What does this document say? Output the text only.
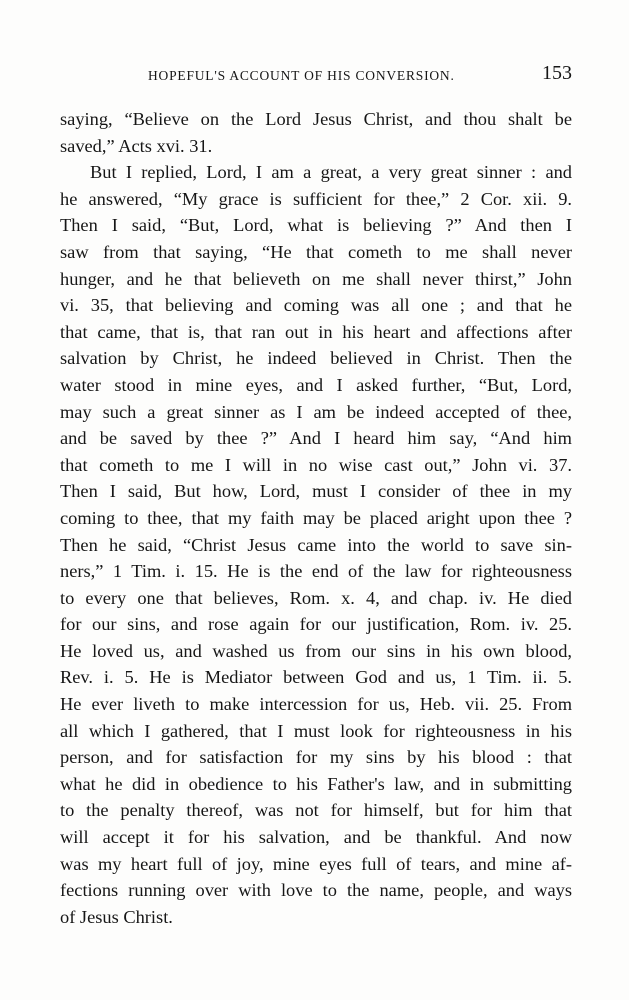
HOPEFUL'S ACCOUNT OF HIS CONVERSION.	153
saying, “Believe on the Lord Jesus Christ, and thou shalt be
saved,” Acts xvi. 31.
But I replied, Lord, I am a great, a very great sinner : and
he answered, “My grace is sufficient for thee,” 2 Cor. xii. 9.
Then I said, “But, Lord, what is believing ?” And then I
saw from that saying, “He that cometh to me shall never
hunger, and he that believeth on me shall never thirst,” John
vi. 35, that believing and coming was all one ; and that he
that came, that is, that ran out in his heart and affections after
salvation by Christ, he indeed believed in Christ. Then the
water stood in mine eyes, and I asked further, “But, Lord,
may such a great sinner as I am be indeed accepted of thee,
and be saved by thee ?” And I heard him say, “And him
that cometh to me I will in no wise cast out,” John vi. 37.
Then I said, But how, Lord, must I consider of thee in my
coming to thee, that my faith may be placed aright upon thee ?
Then he said, “Christ Jesus came into the world to save sin-
ners,” 1 Tim. i. 15. He is the end of the law for righteousness
to every one that believes, Rom. x. 4, and chap. iv. He died
for our sins, and rose again for our justification, Rom. iv. 25.
He loved us, and washed us from our sins in his own blood,
Rev. i. 5. He is Mediator between God and us, 1 Tim. ii. 5.
He ever liveth to make intercession for us, Heb. vii. 25. From
all which I gathered, that I must look for righteousness in his
person, and for satisfaction for my sins by his blood : that
what he did in obedience to his Father's law, and in submitting
to the penalty thereof, was not for himself, but for him that
will accept it for his salvation, and be thankful. And now
was my heart full of joy, mine eyes full of tears, and mine af-
fections running over with love to the name, people, and ways
of Jesus Christ.
